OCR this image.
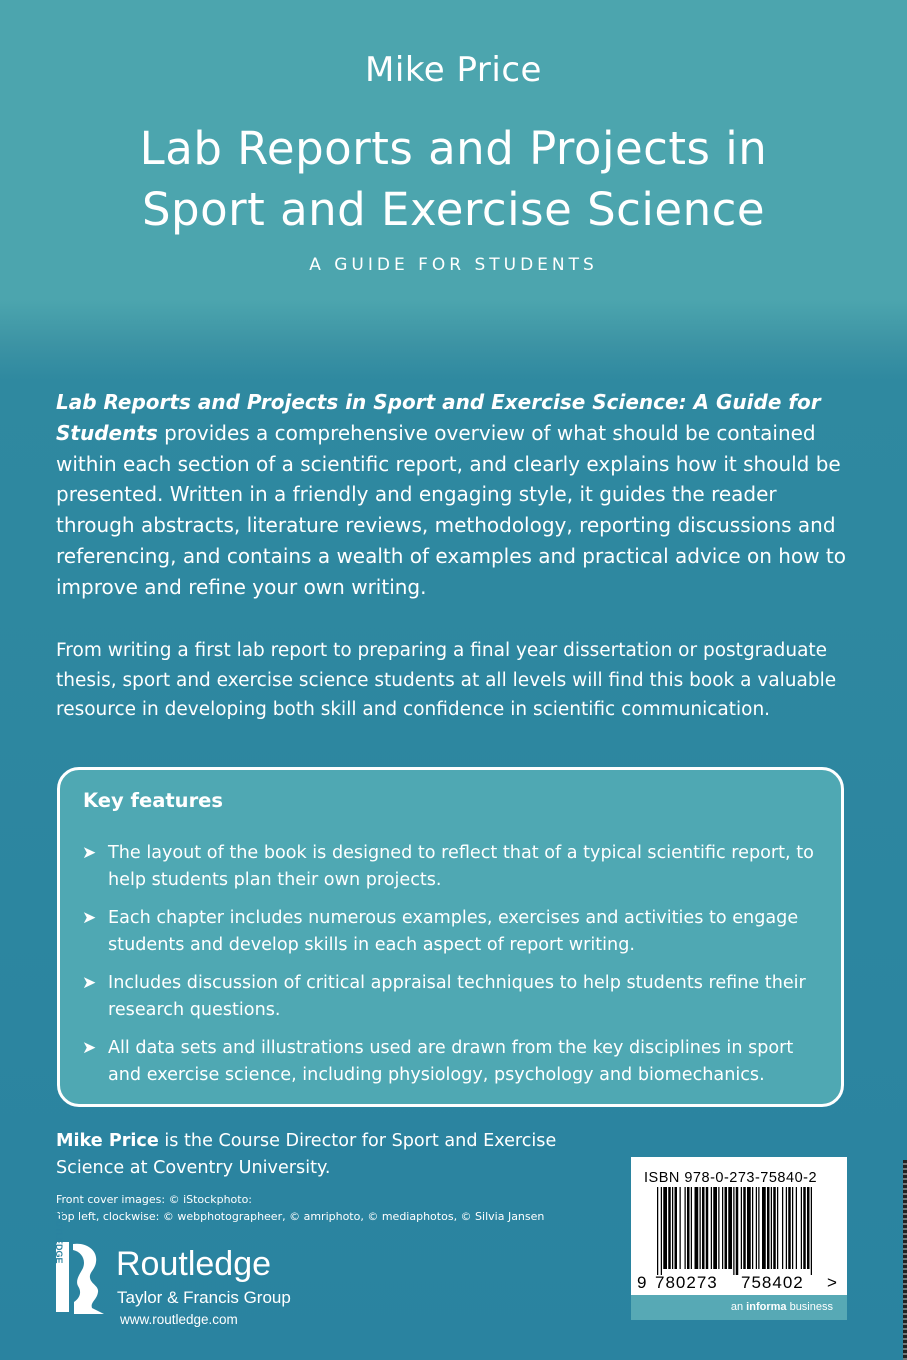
Mike Price
Lab Reports and Projects in
Sport and Exercise Science
A GUIDE FOR STUDENTS

Lab Reports and Projects in Sport and Exercise Science: A Guide for Students provides a comprehensive overview of what should be contained within each section of a scientific report, and clearly explains how it should be presented. Written in a friendly and engaging style, it guides the reader through abstracts, literature reviews, methodology, reporting discussions and referencing, and contains a wealth of examples and practical advice on how to improve and refine your own writing.

From writing a first lab report to preparing a final year dissertation or postgraduate thesis, sport and exercise science students at all levels will find this book a valuable resource in developing both skill and confidence in scientific communication.

Key features
➤ The layout of the book is designed to reflect that of a typical scientific report, to help students plan their own projects.
➤ Each chapter includes numerous examples, exercises and activities to engage students and develop skills in each aspect of report writing.
➤ Includes discussion of critical appraisal techniques to help students refine their research questions.
➤ All data sets and illustrations used are drawn from the key disciplines in sport and exercise science, including physiology, psychology and biomechanics.
Mike Price is the Course Director for Sport and Exercise Science at Coventry University.
Front cover images: © iStockphoto:
Top left, clockwise: © webphotographeer, © amriphoto, © mediaphotos, © Silvia Jansen
ROUTLEDGE
Routledge
Taylor & Francis Group
www.routledge.com
ISBN 978-0-273-75840-2
9 780273 758402 >
an informa business
